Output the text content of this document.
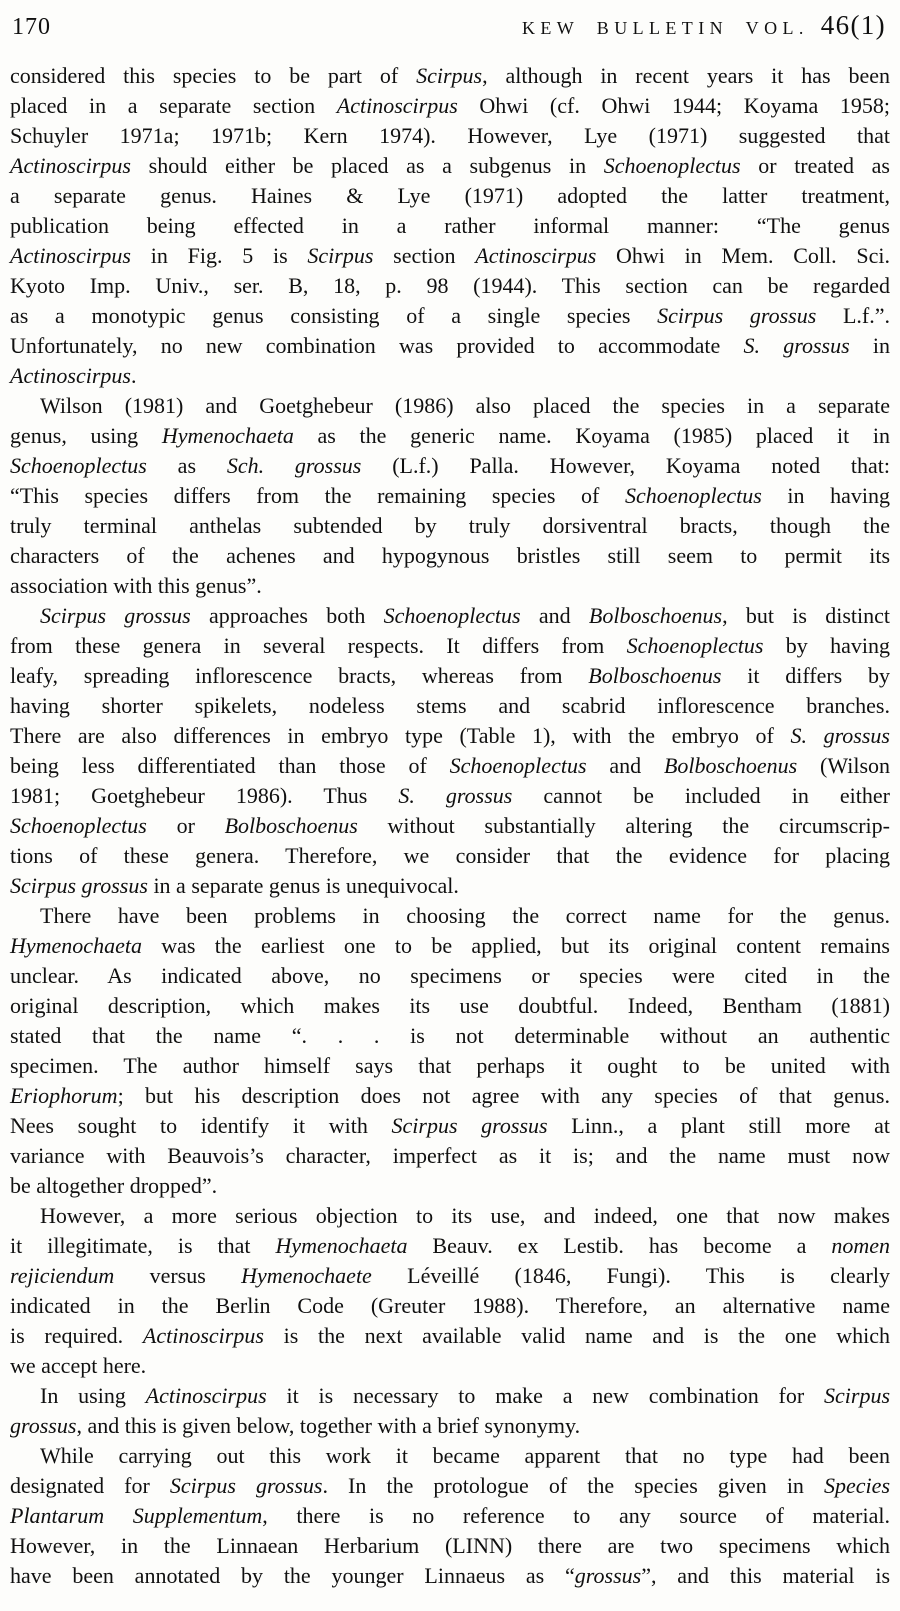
170	KEW BULLETIN VOL. 46(1)
considered this species to be part of Scirpus, although in recent years it has been
placed in a separate section Actinoscirpus Ohwi (cf. Ohwi 1944; Koyama 1958;
Schuyler 1971a; 1971b; Kern 1974). However, Lye (1971) suggested that
Actinoscirpus should either be placed as a subgenus in Schoenoplectus or treated as
a separate genus. Haines & Lye (1971) adopted the latter treatment,
publication being effected in a rather informal manner: “The genus
Actinoscirpus in Fig. 5 is Scirpus section Actinoscirpus Ohwi in Mem. Coll. Sci.
Kyoto Imp. Univ., ser. B, 18, p. 98 (1944). This section can be regarded
as a monotypic genus consisting of a single species Scirpus grossus L.f.”.
Unfortunately, no new combination was provided to accommodate S. grossus in
Actinoscirpus.
Wilson (1981) and Goetghebeur (1986) also placed the species in a separate
genus, using Hymenochaeta as the generic name. Koyama (1985) placed it in
Schoenoplectus as Sch. grossus (L.f.) Palla. However, Koyama noted that:
“This species differs from the remaining species of Schoenoplectus in having
truly terminal anthelas subtended by truly dorsiventral bracts, though the
characters of the achenes and hypogynous bristles still seem to permit its
association with this genus”.
Scirpus grossus approaches both Schoenoplectus and Bolboschoenus, but is distinct
from these genera in several respects. It differs from Schoenoplectus by having
leafy, spreading inflorescence bracts, whereas from Bolboschoenus it differs by
having shorter spikelets, nodeless stems and scabrid inflorescence branches.
There are also differences in embryo type (Table 1), with the embryo of S. grossus
being less differentiated than those of Schoenoplectus and Bolboschoenus (Wilson
1981; Goetghebeur 1986). Thus S. grossus cannot be included in either
Schoenoplectus or Bolboschoenus without substantially altering the circumscrip-
tions of these genera. Therefore, we consider that the evidence for placing
Scirpus grossus in a separate genus is unequivocal.
There have been problems in choosing the correct name for the genus.
Hymenochaeta was the earliest one to be applied, but its original content remains
unclear. As indicated above, no specimens or species were cited in the
original description, which makes its use doubtful. Indeed, Bentham (1881)
stated that the name “. . . is not determinable without an authentic
specimen. The author himself says that perhaps it ought to be united with
Eriophorum; but his description does not agree with any species of that genus.
Nees sought to identify it with Scirpus grossus Linn., a plant still more at
variance with Beauvois’s character, imperfect as it is; and the name must now
be altogether dropped”.
However, a more serious objection to its use, and indeed, one that now makes
it illegitimate, is that Hymenochaeta Beauv. ex Lestib. has become a nomen
rejiciendum versus Hymenochaete Léveillé (1846, Fungi). This is clearly
indicated in the Berlin Code (Greuter 1988). Therefore, an alternative name
is required. Actinoscirpus is the next available valid name and is the one which
we accept here.
In using Actinoscirpus it is necessary to make a new combination for Scirpus
grossus, and this is given below, together with a brief synonymy.
While carrying out this work it became apparent that no type had been
designated for Scirpus grossus. In the protologue of the species given in Species
Plantarum Supplementum, there is no reference to any source of material.
However, in the Linnaean Herbarium (LINN) there are two specimens which
have been annotated by the younger Linnaeus as “grossus”, and this material is
